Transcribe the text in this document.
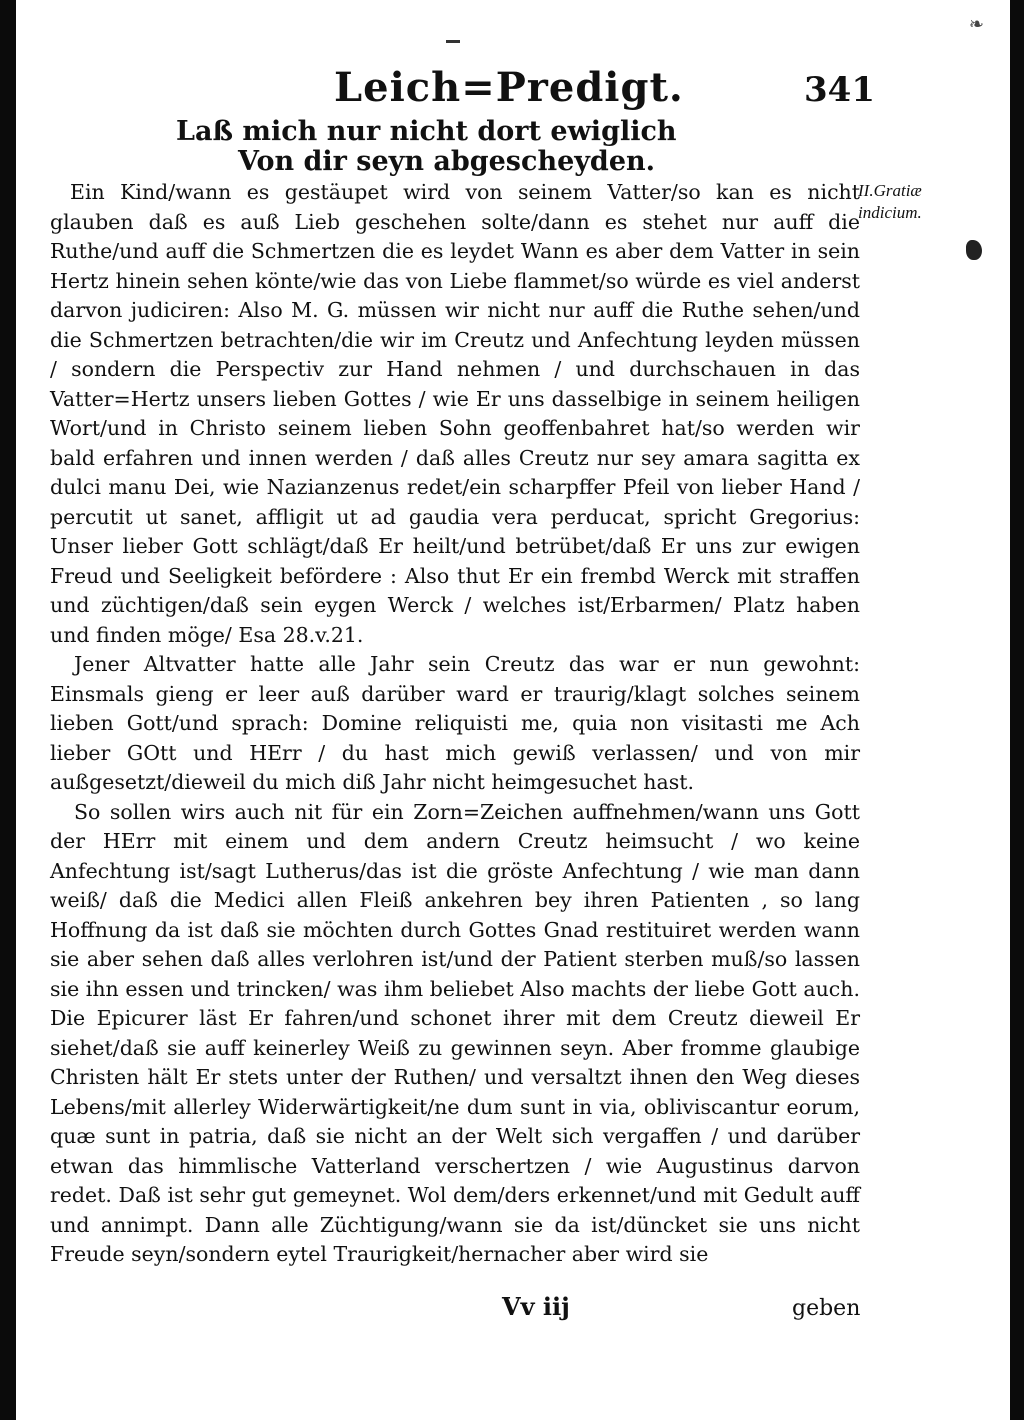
❧
Leich=Predigt.	341
Laß mich nur nicht dort ewiglich
Von dir seyn abgescheyden.
II.Gratiæ indicium.

Ein Kind/wann es gestäupet wird von seinem Vatter/so kan es nicht glauben daß es auß Lieb geschehen solte/dann es stehet nur auff die Ruthe/und auff die Schmertzen die es leydet Wann es aber dem Vatter in sein Hertz hinein sehen könte/wie das von Liebe flammet/so würde es viel anderst darvon judiciren: Also M. G. müssen wir nicht nur auff die Ruthe sehen/und die Schmertzen betrachten/die wir im Creutz und Anfechtung leyden müssen / sondern die Perspectiv zur Hand nehmen / und durchschauen in das Vatter=Hertz unsers lieben Gottes / wie Er uns dasselbige in seinem heiligen Wort/und in Christo seinem lieben Sohn geoffenbahret hat/so werden wir bald erfahren und innen werden / daß alles Creutz nur sey amara sagitta ex dulci manu Dei, wie Nazianzenus redet/ein scharpffer Pfeil von lieber Hand / percutit ut sanet, affligit ut ad gaudia vera perducat, spricht Gregorius: Unser lieber Gott schlägt/daß Er heilt/und betrübet/daß Er uns zur ewigen Freud und Seeligkeit befördere : Also thut Er ein frembd Werck mit straffen und züchtigen/daß sein eygen Werck / welches ist/Erbarmen/ Platz haben und finden möge/ Esa 28.v.21.

Jener Altvatter hatte alle Jahr sein Creutz das war er nun gewohnt: Einsmals gieng er leer auß darüber ward er traurig/klagt solches seinem lieben Gott/und sprach: Domine reliquisti me, quia non visitasti me Ach lieber GOtt und HErr / du hast mich gewiß verlassen/ und von mir außgesetzt/dieweil du mich diß Jahr nicht heimgesuchet hast.

So sollen wirs auch nit für ein Zorn=Zeichen auffnehmen/wann uns Gott der HErr mit einem und dem andern Creutz heimsucht / wo keine Anfechtung ist/sagt Lutherus/das ist die gröste Anfechtung / wie man dann weiß/ daß die Medici allen Fleiß ankehren bey ihren Patienten , so lang Hoffnung da ist daß sie möchten durch Gottes Gnad restituiret werden wann sie aber sehen daß alles verlohren ist/und der Patient sterben muß/so lassen sie ihn essen und trincken/ was ihm beliebet Also machts der liebe Gott auch. Die Epicurer läst Er fahren/und schonet ihrer mit dem Creutz dieweil Er siehet/daß sie auff keinerley Weiß zu gewinnen seyn. Aber fromme glaubige Christen hält Er stets unter der Ruthen/ und versaltzt ihnen den Weg dieses Lebens/mit allerley Widerwärtigkeit/ne dum sunt in via, obliviscantur eorum, quæ sunt in patria, daß sie nicht an der Welt sich vergaffen / und darüber etwan das himmlische Vatterland verschertzen / wie Augustinus darvon redet. Daß ist sehr gut gemeynet. Wol dem/ders erkennet/und mit Gedult auff und annimpt. Dann alle Züchtigung/wann sie da ist/düncket sie uns nicht Freude seyn/sondern eytel Traurigkeit/hernacher aber wird sie

Vv iij	geben
